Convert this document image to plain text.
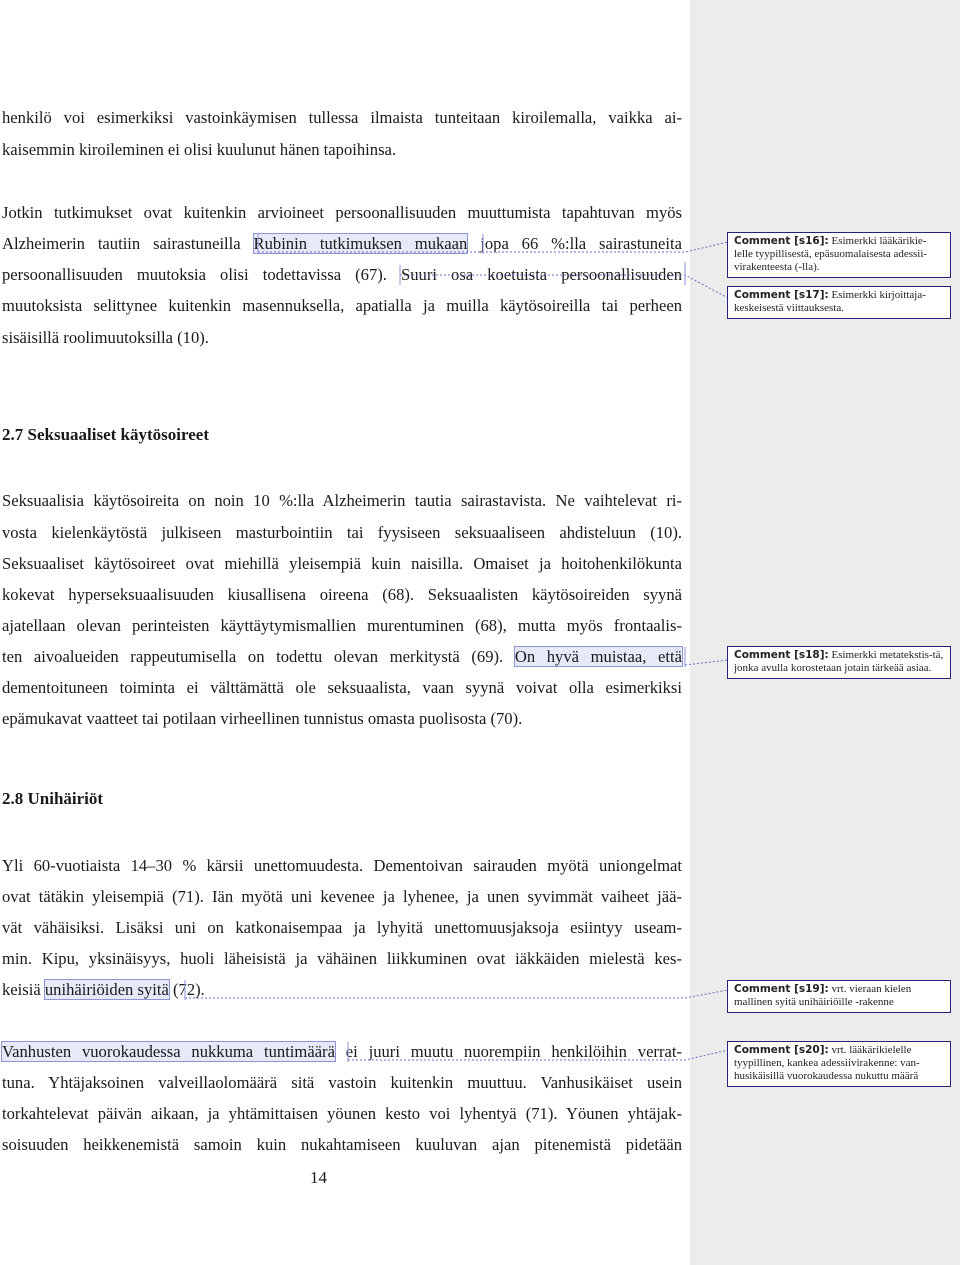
henkilö voi esimerkiksi vastoinkäymisen tullessa ilmaista tunteitaan kiroilemalla, vaikka ai-
kaisemmin kiroileminen ei olisi kuulunut hänen tapoihinsa.
Jotkin tutkimukset ovat kuitenkin arvioineet persoonallisuuden muuttumista tapahtuvan myös
Alzheimerin tautiin sairastuneilla Rubinin tutkimuksen mukaan jopa 66 %:lla sairastuneita
persoonallisuuden muutoksia olisi todettavissa (67). Suuri osa koetuista persoonallisuuden
muutoksista selittynee kuitenkin masennuksella, apatialla ja muilla käytösoireilla tai perheen
sisäisillä roolimuutoksilla (10).
Seksuaalisia käytösoireita on noin 10 %:lla Alzheimerin tautia sairastavista. Ne vaihtelevat ri-
vosta kielenkäytöstä julkiseen masturbointiin tai fyysiseen seksuaaliseen ahdisteluun (10).
Seksuaaliset käytösoireet ovat miehillä yleisempiä kuin naisilla. Omaiset ja hoitohenkilökunta
kokevat hyperseksuaalisuuden kiusallisena oireena (68). Seksuaalisten käytösoireiden syynä
ajatellaan olevan perinteisten käyttäytymismallien murentuminen (68), mutta myös frontaalis-
ten aivoalueiden rappeutumisella on todettu olevan merkitystä (69). On hyvä muistaa, että
dementoituneen toiminta ei välttämättä ole seksuaalista, vaan syynä voivat olla esimerkiksi
epämukavat vaatteet tai potilaan virheellinen tunnistus omasta puolisosta (70).
Yli 60-vuotiaista 14–30 % kärsii unettomuudesta. Dementoivan sairauden myötä uniongelmat
ovat tätäkin yleisempiä (71). Iän myötä uni kevenee ja lyhenee, ja unen syvimmät vaiheet jää-
vät vähäisiksi. Lisäksi uni on katkonaisempaa ja lyhyitä unettomuusjaksoja esiintyy useam-
min. Kipu, yksinäisyys, huoli läheisistä ja vähäinen liikkuminen ovat iäkkäiden mielestä kes-
keisiä unihäiriöiden syitä (72).
Vanhusten vuorokaudessa nukkuma tuntimäärä ei juuri muutu nuorempiin henkilöihin verrat-
tuna. Yhtäjaksoinen valveillaolomäärä sitä vastoin kuitenkin muuttuu. Vanhusikäiset usein
torkahtelevat päivän aikaan, ja yhtämittaisen yöunen kesto voi lyhentyä (71). Yöunen yhtäjak-
soisuuden heikkenemistä samoin kuin nukahtamiseen kuuluvan ajan pitenemistä pidetään
2.7 Seksuaaliset käytösoireet
2.8 Unihäiriöt
14
Comment [s16]: Esimerkki lääkärikie-lelle tyypillisestä, epäsuomalaisesta adessii-virakenteesta (-lla).
Comment [s17]: Esimerkki kirjoittaja-keskeisestä viittauksesta.
Comment [s18]: Esimerkki metatekstis-tä, jonka avulla korostetaan jotain tärkeää asiaa.
Comment [s19]: vrt. vieraan kielen mallinen syitä unihäiriöille -rakenne
Comment [s20]: vrt. lääkärikielelle tyypillinen, kankea adessiivirakenne: van-husikäisillä vuorokaudessa nukuttu määrä
